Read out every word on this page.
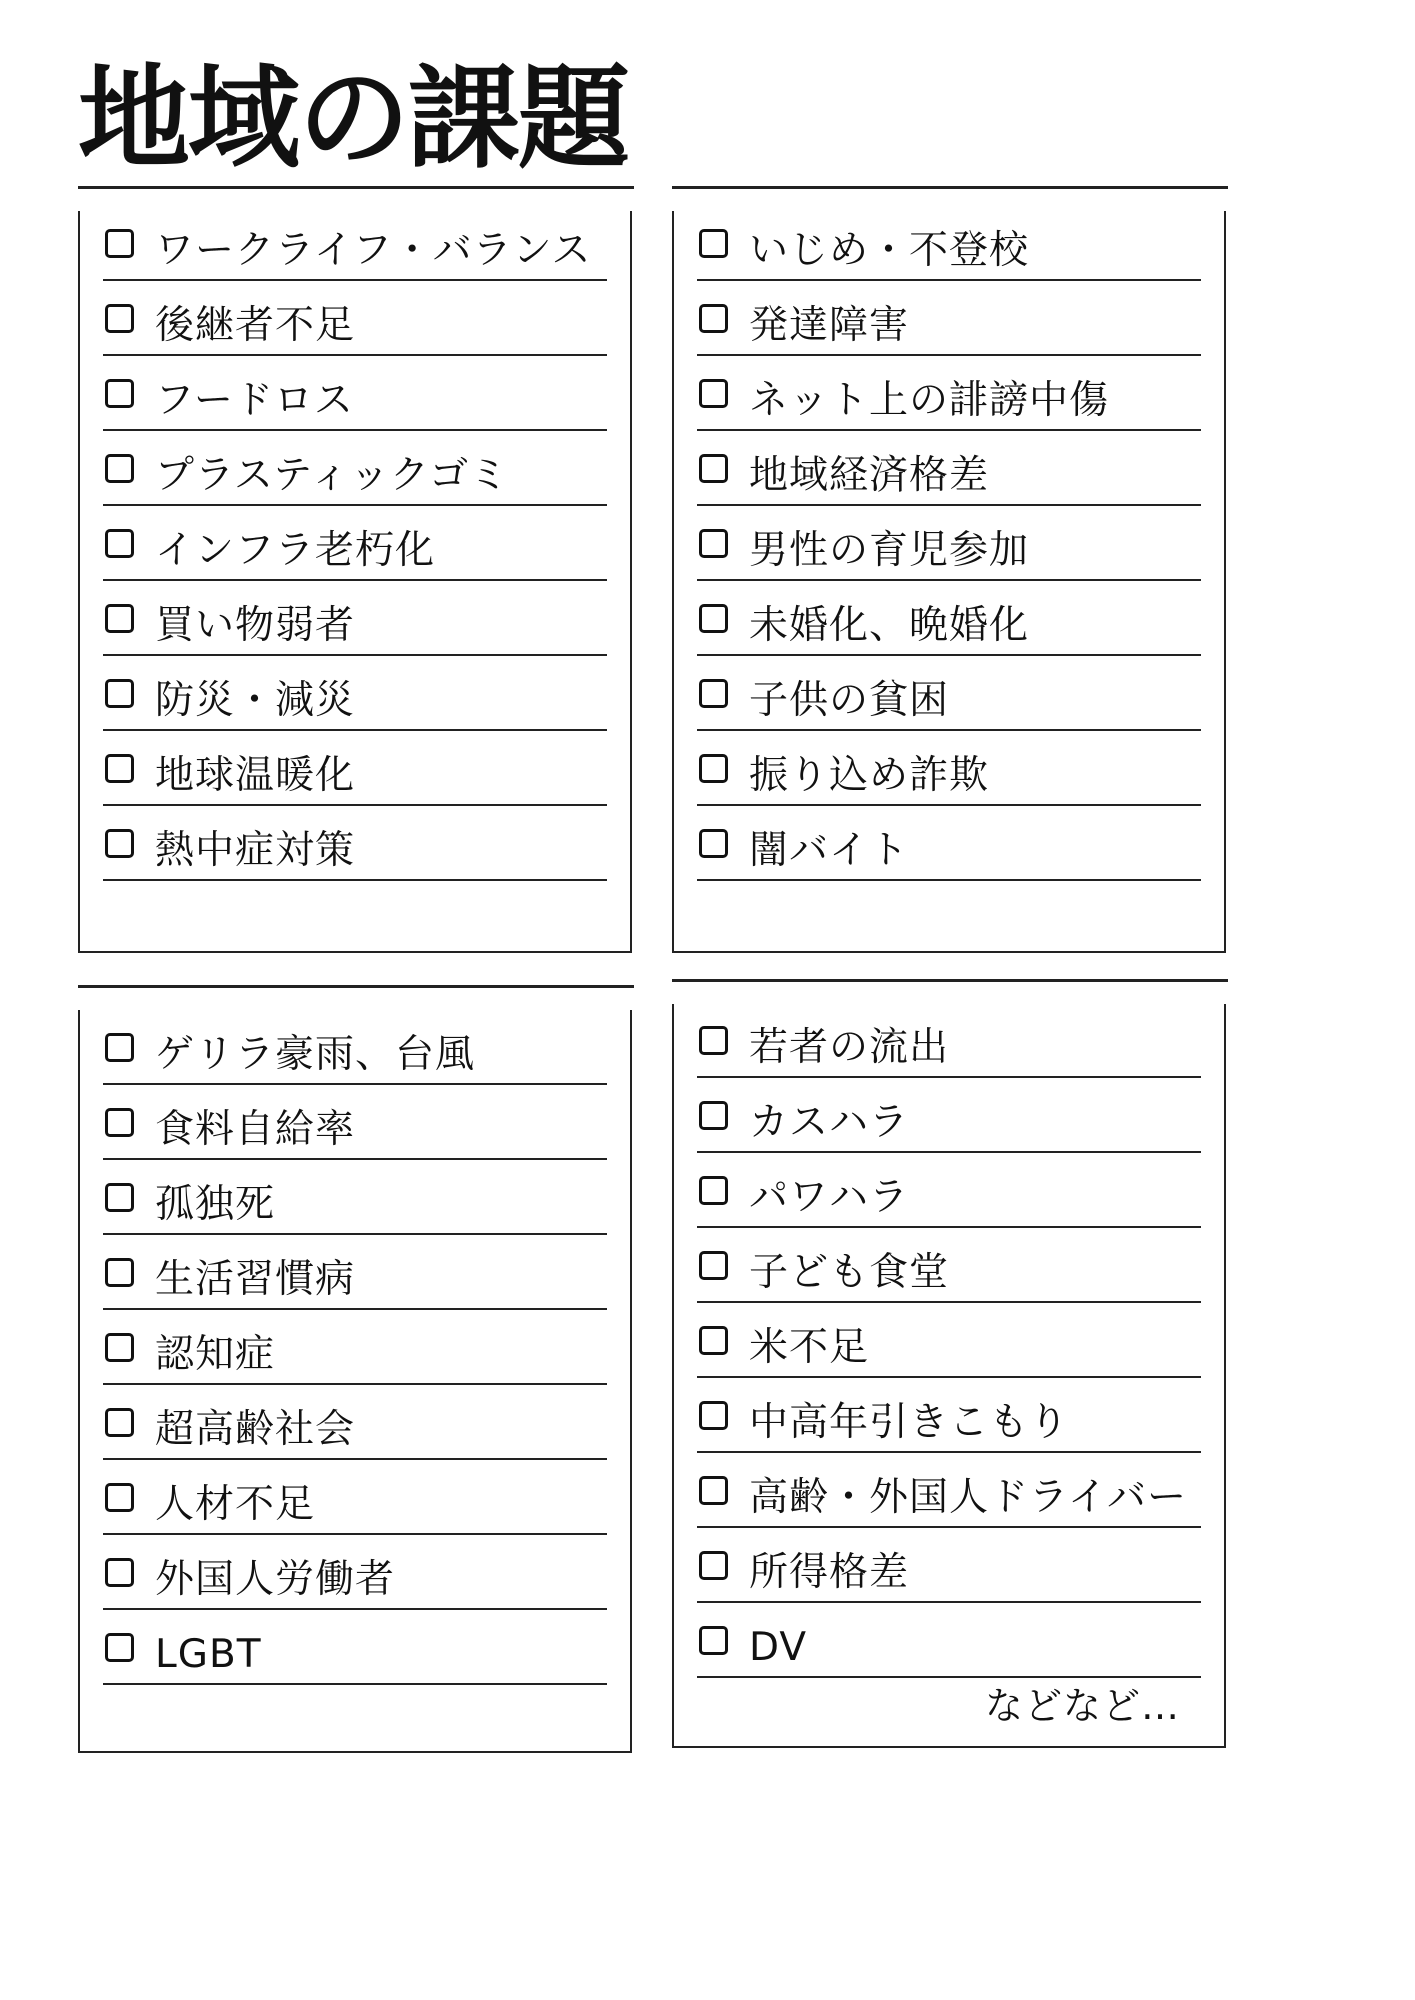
地域の課題
ワークライフ・バランス
後継者不足
フードロス
プラスティックゴミ
インフラ老朽化
買い物弱者
防災・減災
地球温暖化
熱中症対策
いじめ・不登校
発達障害
ネット上の誹謗中傷
地域経済格差
男性の育児参加
未婚化、晩婚化
子供の貧困
振り込め詐欺
闇バイト
ゲリラ豪雨、台風
食料自給率
孤独死
生活習慣病
認知症
超高齢社会
人材不足
外国人労働者
LGBT
若者の流出
カスハラ
パワハラ
子ども食堂
米不足
中高年引きこもり
高齢・外国人ドライバー
所得格差
DV
などなど…
